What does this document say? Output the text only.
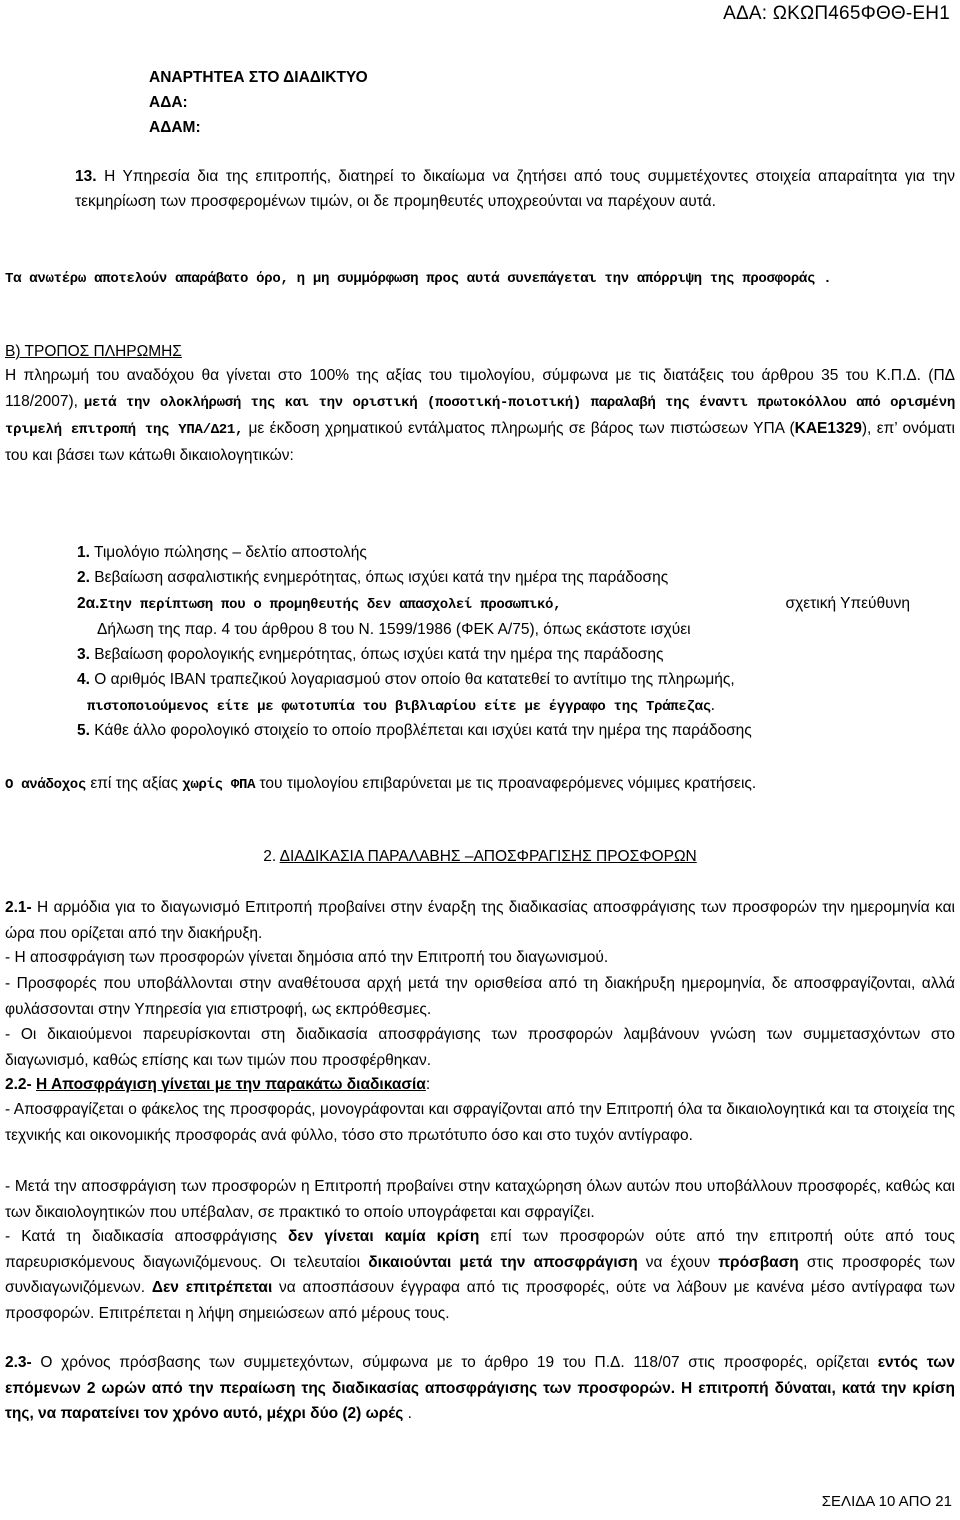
ΑΔΑ: ΩΚΩΠ465ΦΘΘ-ΕΗ1
ΑΝΑΡΤΗΤΕΑ ΣΤΟ ΔΙΑΔΙΚΤΥΟ
ΑΔΑ:
ΑΔΑΜ:
13. Η Υπηρεσία δια της επιτροπής, διατηρεί το δικαίωμα να ζητήσει από τους συμμετέχοντες στοιχεία απαραίτητα για την τεκμηρίωση των προσφερομένων τιμών, οι δε προμηθευτές υποχρεούνται να παρέχουν αυτά.
Τα ανωτέρω αποτελούν απαράβατο όρο, η μη συμμόρφωση προς αυτά συνεπάγεται την απόρριψη της προσφοράς .
Β) ΤΡΟΠΟΣ ΠΛΗΡΩΜΗΣ
Η πληρωμή του αναδόχου θα γίνεται στο 100% της αξίας του τιμολογίου, σύμφωνα με τις διατάξεις του άρθρου 35 του Κ.Π.Δ. (ΠΔ 118/2007), μετά την ολοκλήρωσή της και την οριστική (ποσοτική-ποιοτική) παραλαβή της έναντι πρωτοκόλλου από ορισμένη τριμελή επιτροπή της ΥΠΑ/Δ21, με έκδοση χρηματικού εντάλματος πληρωμής σε βάρος των πιστώσεων ΥΠΑ (ΚΑΕ1329), επ’ ονόματι του και βάσει των κάτωθι δικαιολογητικών:
1. Τιμολόγιο πώλησης – δελτίο αποστολής
2. Βεβαίωση ασφαλιστικής ενημερότητας, όπως ισχύει κατά την ημέρα της παράδοσης
2α.Στην περίπτωση που ο προμηθευτής δεν απασχολεί προσωπικό,	σχετική Υπεύθυνη
Δήλωση της παρ. 4 του άρθρου 8 του Ν. 1599/1986 (ΦΕΚ Α/75), όπως εκάστοτε ισχύει
3. Βεβαίωση φορολογικής ενημερότητας, όπως ισχύει κατά την ημέρα της παράδοσης
4. Ο αριθμός IBAN τραπεζικού λογαριασμού στον οποίο θα κατατεθεί το αντίτιμο της πληρωμής,
πιστοποιούμενος είτε με φωτοτυπία του βιβλιαρίου είτε με έγγραφο της Τράπεζας.
5. Κάθε άλλο φορολογικό στοιχείο το οποίο προβλέπεται και ισχύει κατά την ημέρα της παράδοσης
Ο ανάδοχος επί της αξίας χωρίς ΦΠΑ του τιμολογίου επιβαρύνεται με τις προαναφερόμενες νόμιμες κρατήσεις.
2. ΔΙΑΔΙΚΑΣΙΑ ΠΑΡΑΛΑΒΗΣ –ΑΠΟΣΦΡΑΓΙΣΗΣ ΠΡΟΣΦΟΡΩΝ
2.1- Η αρμόδια για το διαγωνισμό Επιτροπή προβαίνει στην έναρξη της διαδικασίας αποσφράγισης των προσφορών την ημερομηνία και ώρα που ορίζεται από την διακήρυξη.
- Η αποσφράγιση των προσφορών γίνεται δημόσια από την Επιτροπή του διαγωνισμού.
- Προσφορές που υποβάλλονται στην αναθέτουσα αρχή μετά την ορισθείσα από τη διακήρυξη ημερομηνία, δε αποσφραγίζονται, αλλά φυλάσσονται στην Υπηρεσία για επιστροφή, ως εκπρόθεσμες.
- Οι δικαιούμενοι παρευρίσκονται στη διαδικασία αποσφράγισης των προσφορών λαμβάνουν γνώση των συμμετασχόντων στο διαγωνισμό, καθώς επίσης και των τιμών που προσφέρθηκαν.
2.2- Η Αποσφράγιση γίνεται με την παρακάτω διαδικασία:
- Αποσφραγίζεται ο φάκελος της προσφοράς, μονογράφονται και σφραγίζονται από την Επιτροπή όλα τα δικαιολογητικά και τα στοιχεία της τεχνικής και οικονομικής προσφοράς ανά φύλλο, τόσο στο πρωτότυπο όσο και στο τυχόν αντίγραφο.
- Μετά την αποσφράγιση των προσφορών η Επιτροπή προβαίνει στην καταχώρηση όλων αυτών που υποβάλλουν προσφορές, καθώς και των δικαιολογητικών που υπέβαλαν, σε πρακτικό το οποίο υπογράφεται και σφραγίζει.
- Κατά τη διαδικασία αποσφράγισης δεν γίνεται καμία κρίση επί των προσφορών ούτε από την επιτροπή ούτε από τους παρευρισκόμενους διαγωνιζόμενους. Οι τελευταίοι δικαιούνται μετά την αποσφράγιση να έχουν πρόσβαση στις προσφορές των συνδιαγωνιζόμενων. Δεν επιτρέπεται να αποσπάσουν έγγραφα από τις προσφορές, ούτε να λάβουν με κανένα μέσο αντίγραφα των προσφορών. Επιτρέπεται η λήψη σημειώσεων από μέρους τους.
2.3- Ο χρόνος πρόσβασης των συμμετεχόντων, σύμφωνα με το άρθρο 19 του Π.Δ. 118/07 στις προσφορές, ορίζεται εντός των επόμενων 2 ωρών από την περαίωση της διαδικασίας αποσφράγισης των προσφορών. Η επιτροπή δύναται, κατά την κρίση της, να παρατείνει τον χρόνο αυτό, μέχρι δύο (2) ωρές .
ΣΕΛΙΔΑ 10 ΑΠΟ 21
